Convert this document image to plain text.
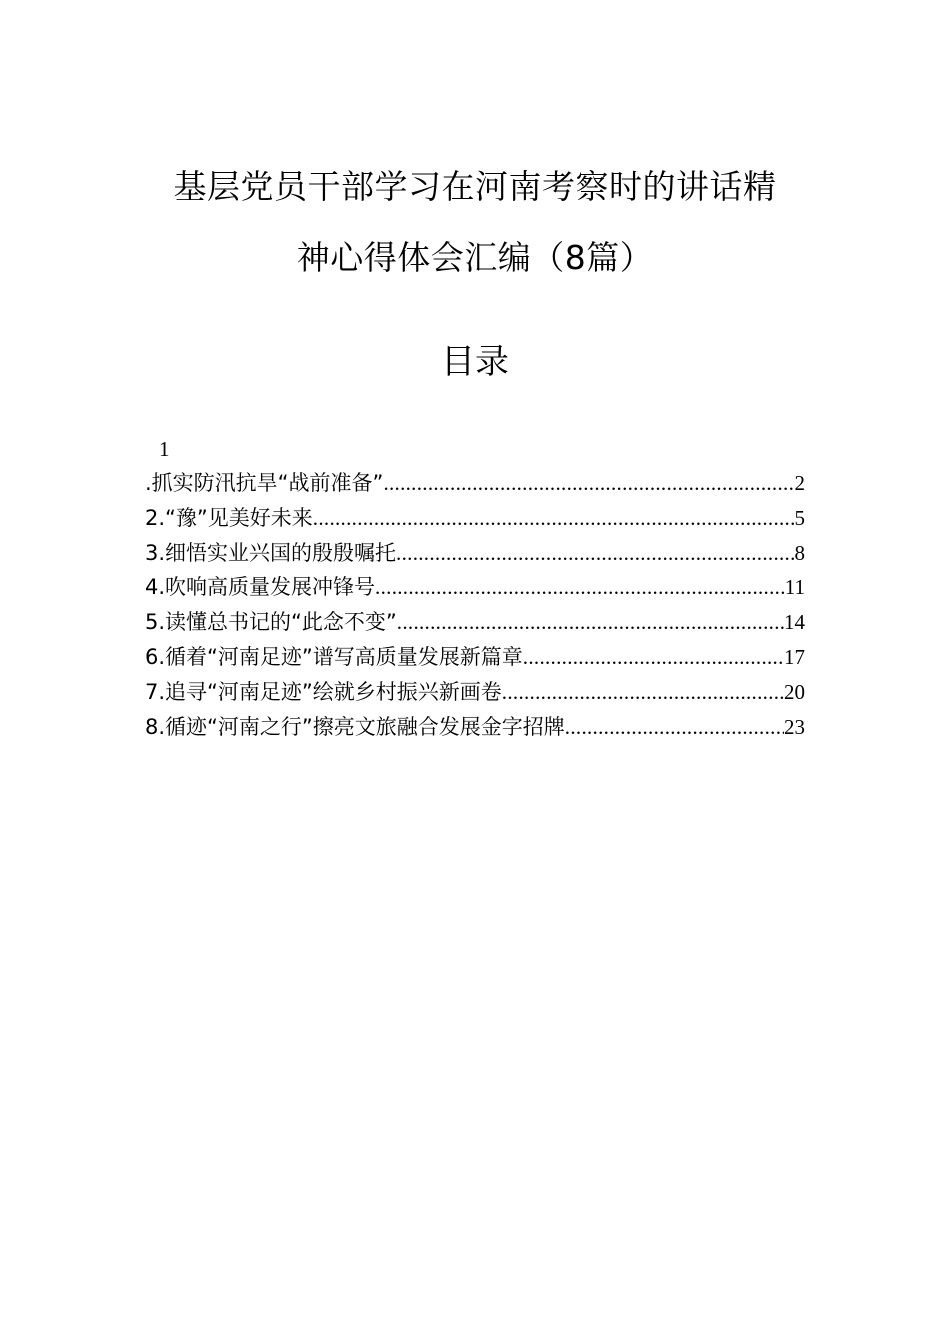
基层党员干部学习在河南考察时的讲话精
神心得体会汇编（8篇）
目录
1
.抓实防汛抗旱“战前准备” .....	2
2.“豫”见美好未来 .....	5
3.细悟实业兴国的殷殷嘱托 .....	8
4.吹响高质量发展冲锋号 .....	11
5.读懂总书记的“此念不变” .....	14
6.循着“河南足迹”谱写高质量发展新篇章 .....	17
7.追寻“河南足迹”绘就乡村振兴新画卷 .....	20
8.循迹“河南之行”擦亮文旅融合发展金字招牌 .....	23
